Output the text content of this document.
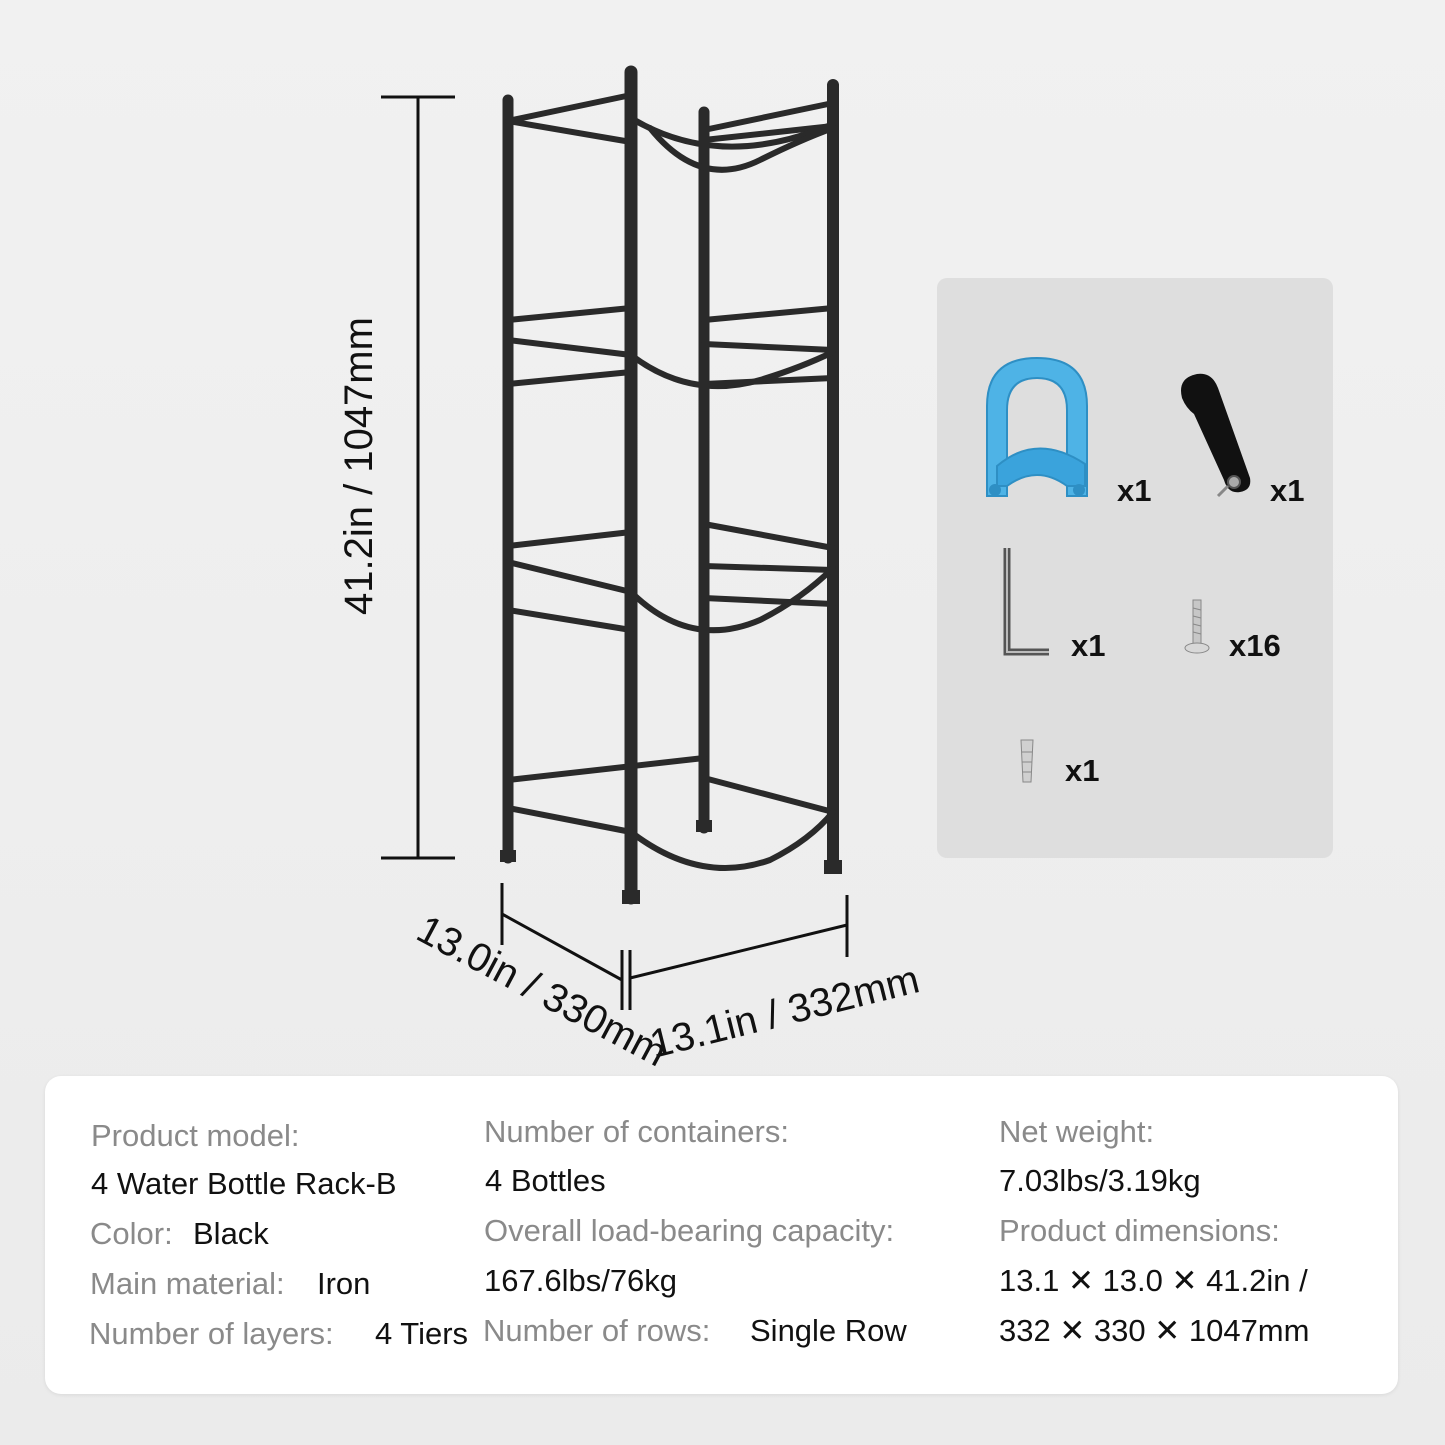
41.2in / 1047mm
13.0in / 330mm
13.1in / 332mm
x1	x1
x1	x16
x1
Product model:
4 Water Bottle Rack-B
Color: Black
Main material: Iron
Number of layers: 4 Tiers
Number of containers:
4 Bottles
Overall load-bearing capacity:
167.6lbs/76kg
Number of rows: Single Row
Net weight:
7.03lbs/3.19kg
Product dimensions:
13.1 ✕ 13.0 ✕ 41.2in /
332 ✕ 330 ✕ 1047mm
